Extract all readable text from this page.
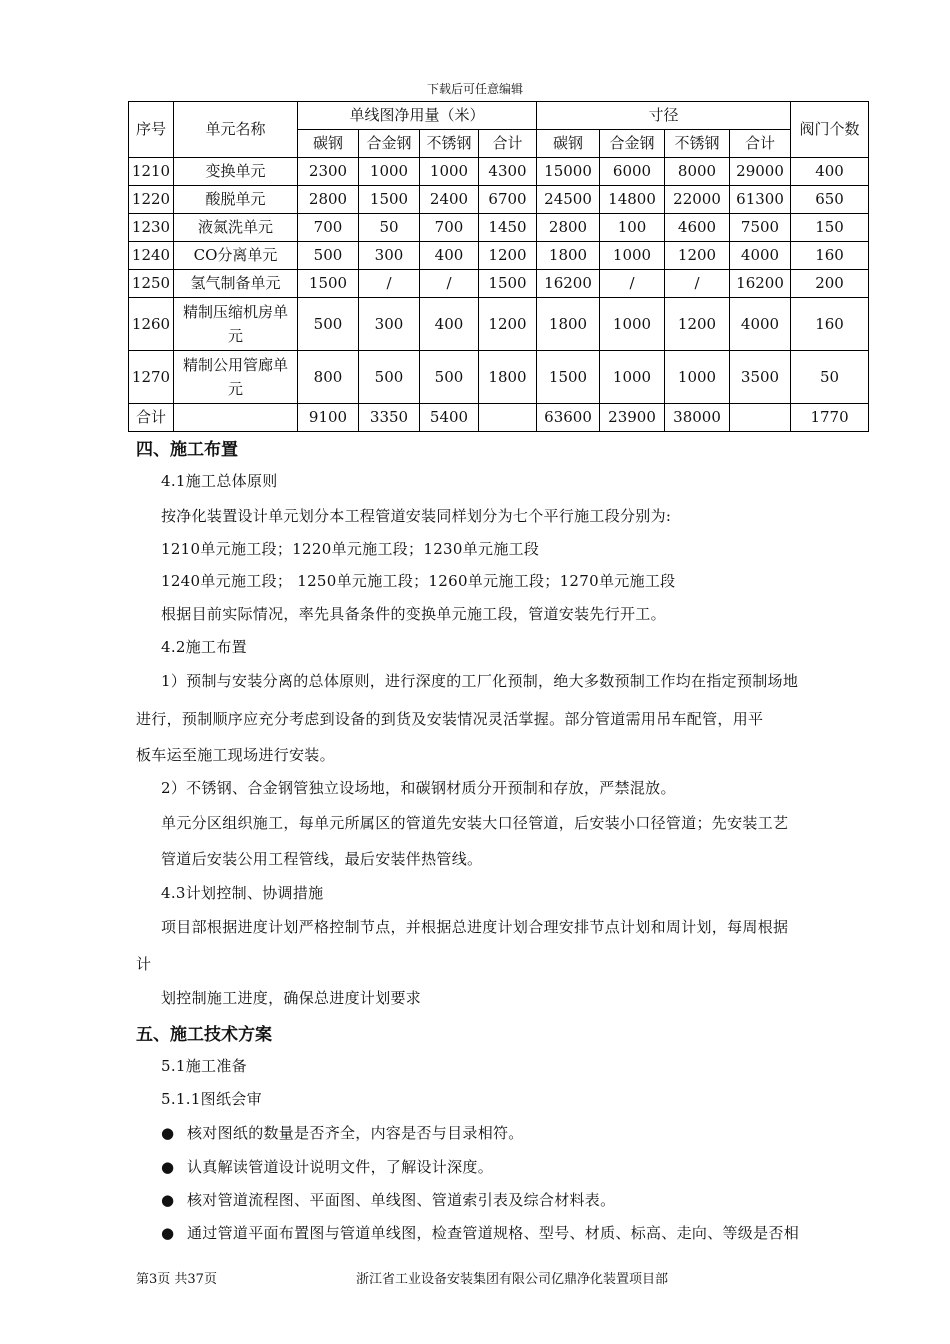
下载后可任意编辑
序号	单元名称	单线图净用量（米）				寸径				阀门个数
		碳钢	合金钢	不锈钢	合计	碳钢	合金钢	不锈钢	合计	
1210	变换单元	2300	1000	1000	4300	15000	6000	8000	29000	400
1220	酸脱单元	2800	1500	2400	6700	24500	14800	22000	61300	650
1230	液氮洗单元	700	50	700	1450	2800	100	4600	7500	150
1240	CO分离单元	500	300	400	1200	1800	1000	1200	4000	160
1250	氢气制备单元	1500	/	/	1500	16200	/	/	16200	200
1260	精制压缩机房单元	500	300	400	1200	1800	1000	1200	4000	160
1270	精制公用管廊单元	800	500	500	1800	1500	1000	1000	3500	50
合计		9100	3350	5400		63600	23900	38000		1770
四、施工布置
4.1施工总体原则
按净化装置设计单元划分本工程管道安装同样划分为七个平行施工段分别为:
1210单元施工段；1220单元施工段；1230单元施工段
1240单元施工段； 1250单元施工段；1260单元施工段；1270单元施工段
根据目前实际情况，率先具备条件的变换单元施工段，管道安装先行开工。
4.2施工布置
1）预制与安装分离的总体原则，进行深度的工厂化预制，绝大多数预制工作均在指定预制场地
进行，预制顺序应充分考虑到设备的到货及安装情况灵活掌握。部分管道需用吊车配管，用平
板车运至施工现场进行安装。
2）不锈钢、合金钢管独立设场地，和碳钢材质分开预制和存放，严禁混放。
单元分区组织施工，每单元所属区的管道先安装大口径管道，后安装小口径管道；先安装工艺
管道后安装公用工程管线，最后安装伴热管线。
4.3计划控制、协调措施
项目部根据进度计划严格控制节点，并根据总进度计划合理安排节点计划和周计划，每周根据
计
划控制施工进度，确保总进度计划要求
五、施工技术方案
5.1施工准备
5.1.1图纸会审
● 核对图纸的数量是否齐全，内容是否与目录相符。
● 认真解读管道设计说明文件，了解设计深度。
● 核对管道流程图、平面图、单线图、管道索引表及综合材料表。
● 通过管道平面布置图与管道单线图，检查管道规格、型号、材质、标高、走向、等级是否相
第3页 共37页	浙江省工业设备安装集团有限公司亿鼎净化装置项目部
